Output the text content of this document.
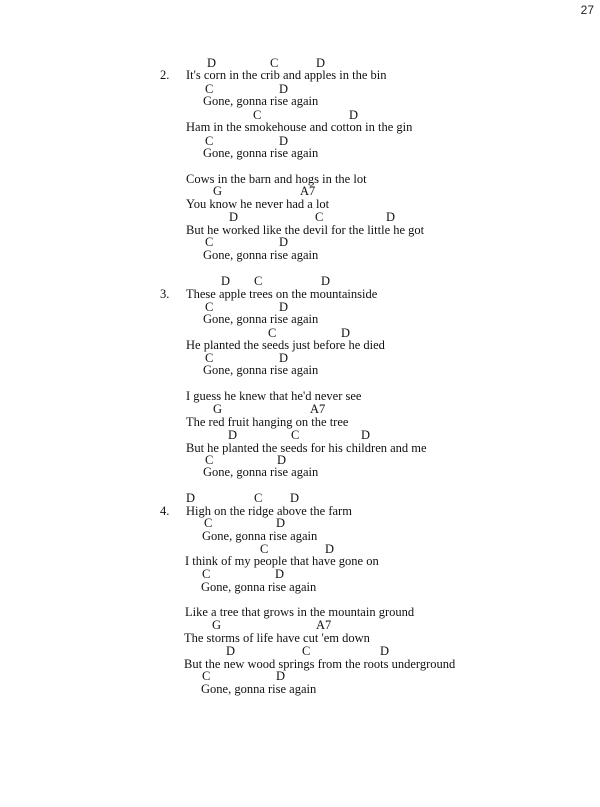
27
2.
D	C	D
It's corn in the crib and apples in the bin
C	D
Gone, gonna rise again
C	D
Ham in the smokehouse and cotton in the gin
C	D
Gone, gonna rise again
Cows in the barn and hogs in the lot
G	A7
You know he never had a lot
D	C	D
But he worked like the devil for the little he got
C	D
Gone, gonna rise again
3.
D C	D
These apple trees on the mountainside
C	D
Gone, gonna rise again
C	D
He planted the seeds just before he died
C	D
Gone, gonna rise again
I guess he knew that he'd never see
G	A7
The red fruit hanging on the tree
D	C	D
But he planted the seeds for his children and me
C	D
Gone, gonna rise again
4.
D	C D
High on the ridge above the farm
C	D
Gone, gonna rise again
C	D
I think of my people that have gone on
C	D
Gone, gonna rise again
Like a tree that grows in the mountain ground
G	A7
The storms of life have cut 'em down
D	C	D
But the new wood springs from the roots underground
C	D
Gone, gonna rise again
